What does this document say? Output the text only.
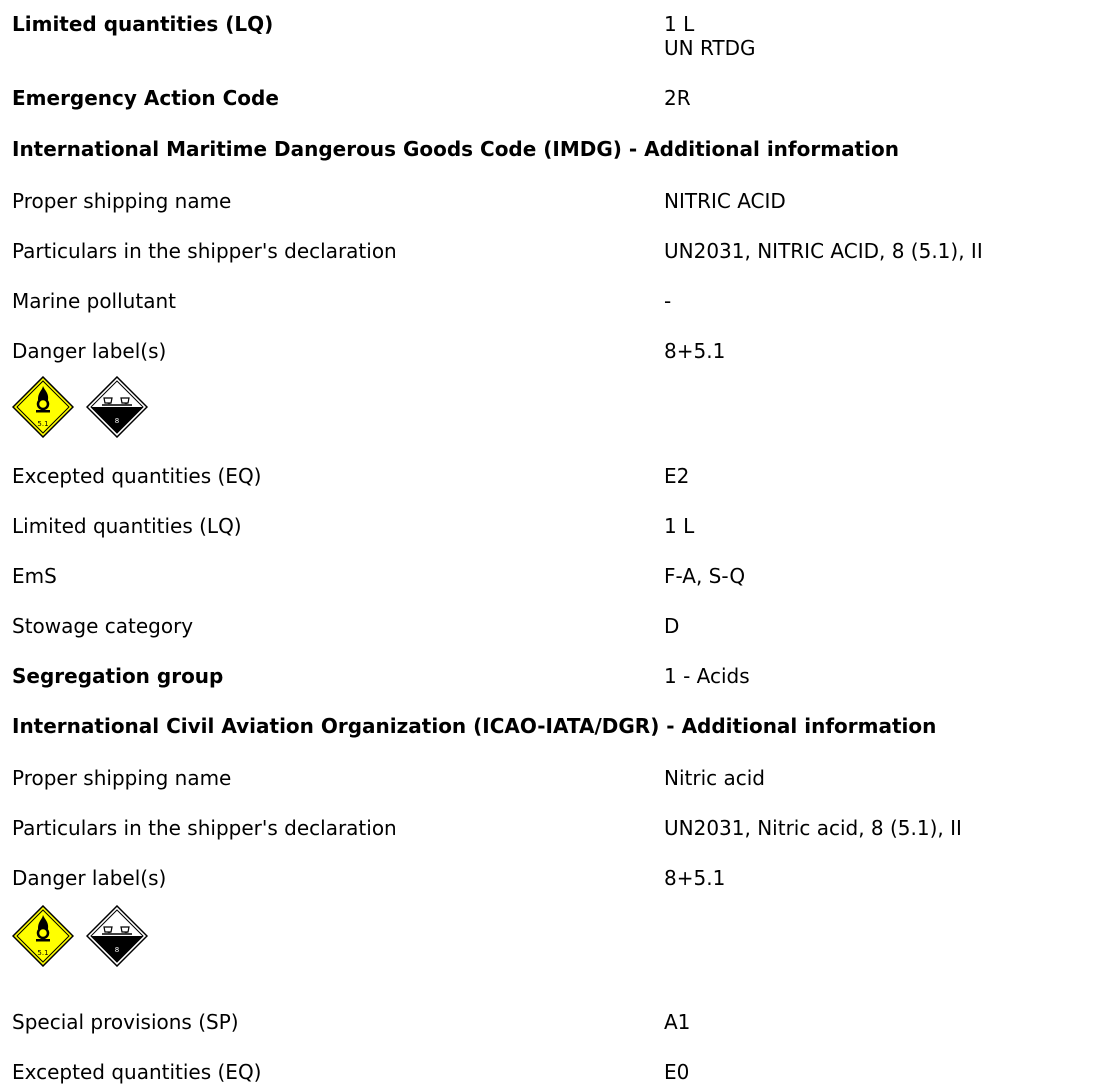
Limited quantities (LQ)	1 L
UN RTDG
Emergency Action Code	2R
International Maritime Dangerous Goods Code (IMDG) - Additional information
Proper shipping name	NITRIC ACID
Particulars in the shipper's declaration	UN2031, NITRIC ACID, 8 (5.1), II
Marine pollutant	-
Danger label(s)	8+5.1
5.1	8
Excepted quantities (EQ)	E2
Limited quantities (LQ)	1 L
EmS	F-A, S-Q
Stowage category	D
Segregation group	1 - Acids
International Civil Aviation Organization (ICAO-IATA/DGR) - Additional information
Proper shipping name	Nitric acid
Particulars in the shipper's declaration	UN2031, Nitric acid, 8 (5.1), II
Danger label(s)	8+5.1
5.1	8
Special provisions (SP)	A1
Excepted quantities (EQ)	E0
